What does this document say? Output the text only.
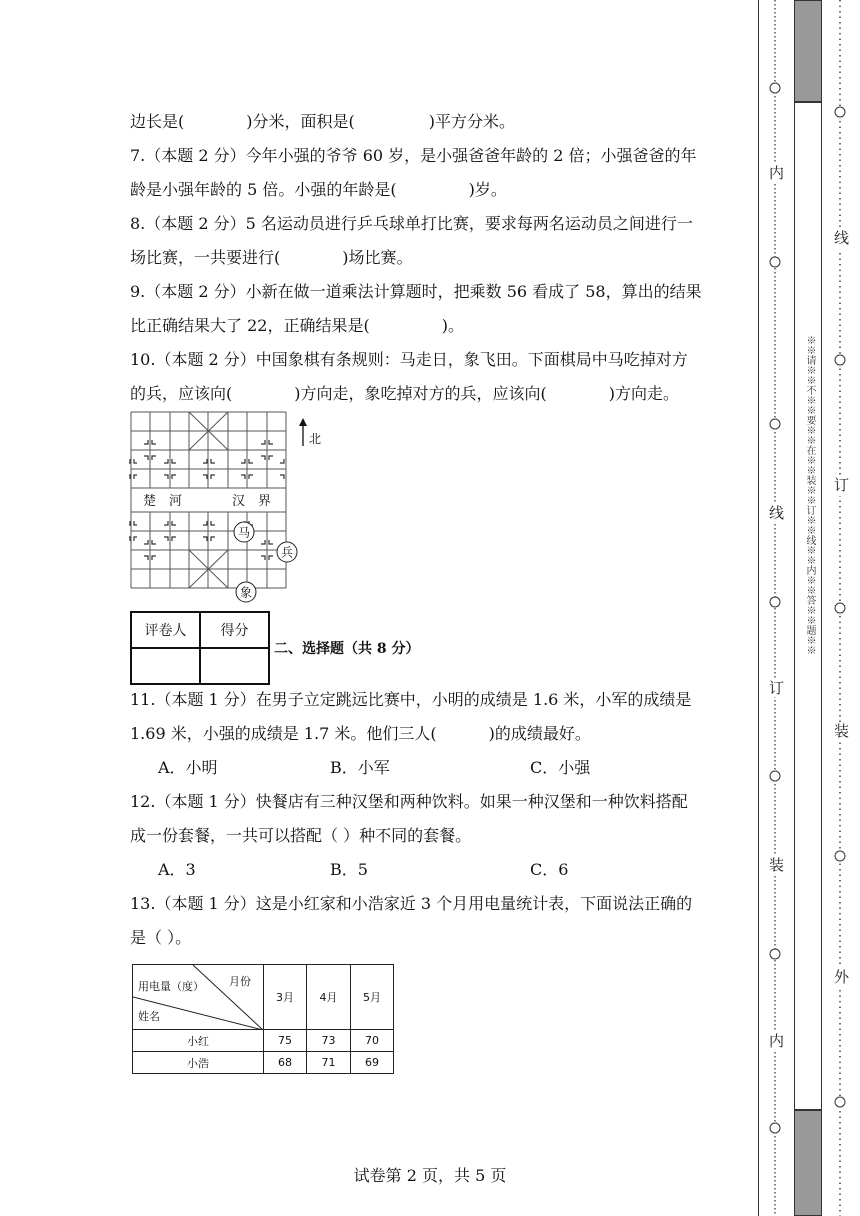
边长是(	)分米，面积是(	)平方分米。
7.（本题 2 分）今年小强的爷爷 60 岁，是小强爸爸年龄的 2 倍；小强爸爸的年
龄是小强年龄的 5 倍。小强的年龄是(	)岁。
8.（本题 2 分）5 名运动员进行乒乓球单打比赛，要求每两名运动员之间进行一
场比赛，一共要进行(	)场比赛。
9.（本题 2 分）小新在做一道乘法计算题时，把乘数 56 看成了 58，算出的结果
比正确结果大了 22，正确结果是(	)。
10.（本题 2 分）中国象棋有条规则：马走日，象飞田。下面棋局中马吃掉对方
的兵，应该向(	)方向走，象吃掉对方的兵，应该向(	)方向走。
楚　河	汉　界
北
马
兵
象
评卷人	得分

二、选择题（共 8 分）
11.（本题 1 分）在男子立定跳远比赛中，小明的成绩是 1.6 米，小军的成绩是
1.69 米，小强的成绩是 1.7 米。他们三人(	)的成绩最好。
A．小明	B．小军	C．小强
12.（本题 1 分）快餐店有三种汉堡和两种饮料。如果一种汉堡和一种饮料搭配
成一份套餐，一共可以搭配（ ）种不同的套餐。
A．3	B．5	C．6
13.（本题 1 分）这是小红家和小浩家近 3 个月用电量统计表，下面说法正确的
是（ ）。
月份
用电量（度）
姓名	3月	4月	5月
小红	75	73	70
小浩	68	71	69
试卷第 2 页，共 5 页
内
线
订
装
内
※※请※※不※※要※※在※※装※※订※※线※※内※※答※※题※※
线
订
装
外
